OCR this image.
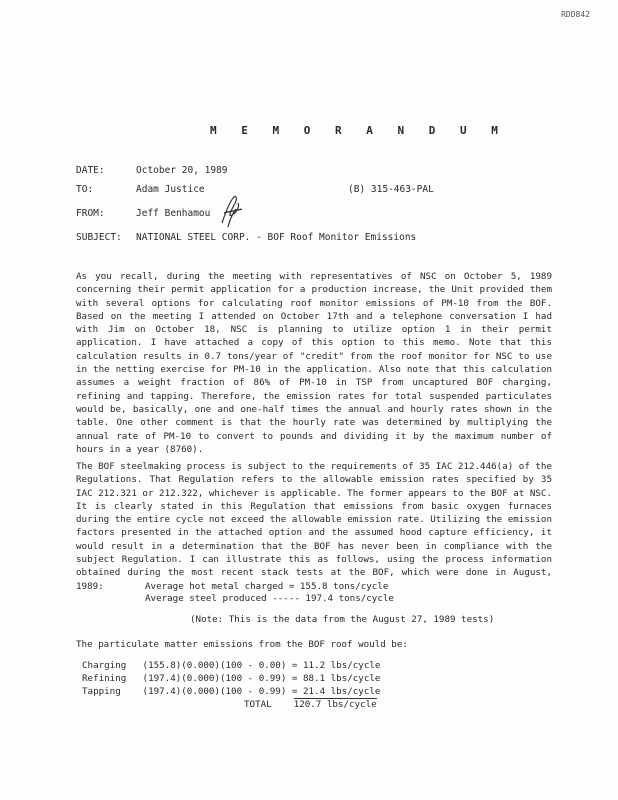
RDD842
M E M O R A N D U M
DATE:	October 20, 1989
TO:	Adam Justice	(B) 315-463-PAL
FROM:	Jeff Benhamou
SUBJECT: NATIONAL STEEL CORP. - BOF Roof Monitor Emissions

As you recall, during the meeting with representatives of NSC on October 5, 1989 concerning their permit application for a production increase, the Unit provided them with several options for calculating roof monitor emissions of PM-10 from the BOF. Based on the meeting I attended on October 17th and a telephone conversation I had with Jim on October 18, NSC is planning to utilize option 1 in their permit application. I have attached a copy of this option to this memo. Note that this calculation results in 0.7 tons/year of "credit" from the roof monitor for NSC to use in the netting exercise for PM-10 in the application. Also note that this calculation assumes a weight fraction of 86% of PM-10 in TSP from uncaptured BOF charging, refining and tapping. Therefore, the emission rates for total suspended particulates would be, basically, one and one-half times the annual and hourly rates shown in the table. One other comment is that the hourly rate was determined by multiplying the annual rate of PM-10 to convert to pounds and dividing it by the maximum number of hours in a year (8760).

The BOF steelmaking process is subject to the requirements of 35 IAC 212.446(a) of the Regulations. That Regulation refers to the allowable emission rates specified by 35 IAC 212.321 or 212.322, whichever is applicable. The former appears to the BOF at NSC. It is clearly stated in this Regulation that emissions from basic oxygen furnaces during the entire cycle not exceed the allowable emission rate. Utilizing the emission factors presented in the attached option and the assumed hood capture efficiency, it would result in a determination that the BOF has never been in compliance with the subject Regulation. I can illustrate this as follows, using the process information obtained during the most recent stack tests at the BOF, which were done in August, 1989:	Average hot metal charged = 155.8 tons/cycle
Average steel produced ----- 197.4 tons/cycle
(Note: This is the data from the August 27, 1989 tests)
The particulate matter emissions from the BOF roof would be:
Charging (155.8)(0.000)(100 - 0.00) = 11.2 lbs/cycle
Refining (197.4)(0.000)(100 - 0.99) = 88.1 lbs/cycle
Tapping (197.4)(0.000)(100 - 0.99) = 21.4 lbs/cycle
TOTAL 120.7 lbs/cycle
